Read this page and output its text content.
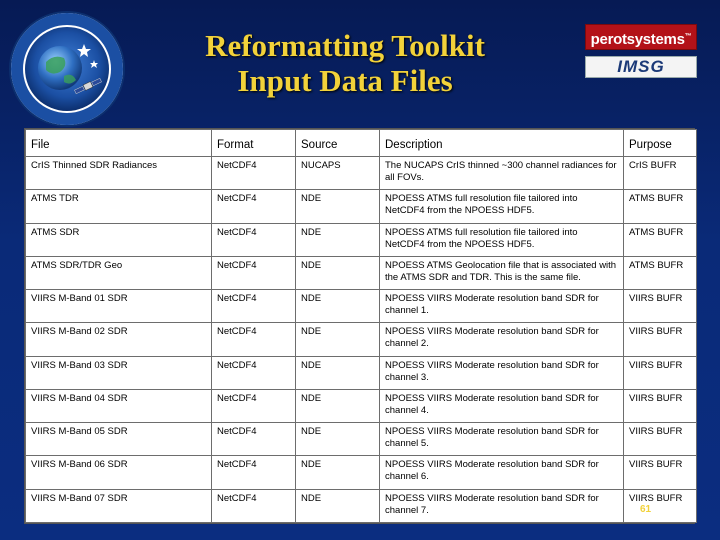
Reformatting Toolkit
Input Data Files
perotsystems™
IMSG
File	Format	Source	Description	Purpose
CrIS Thinned SDR Radiances	NetCDF4	NUCAPS	The NUCAPS CrIS thinned ~300 channel radiances for all FOVs.	CrIS BUFR
ATMS TDR	NetCDF4	NDE	NPOESS ATMS full resolution file tailored into NetCDF4 from the NPOESS HDF5.	ATMS BUFR
ATMS SDR	NetCDF4	NDE	NPOESS ATMS full resolution file tailored into NetCDF4 from the NPOESS HDF5.	ATMS BUFR
ATMS SDR/TDR Geo	NetCDF4	NDE	NPOESS ATMS Geolocation file that is associated with the ATMS SDR and TDR. This is the same file.	ATMS BUFR
VIIRS M-Band 01 SDR	NetCDF4	NDE	NPOESS VIIRS Moderate resolution band SDR for channel 1.	VIIRS BUFR
VIIRS M-Band 02 SDR	NetCDF4	NDE	NPOESS VIIRS Moderate resolution band SDR for channel 2.	VIIRS BUFR
VIIRS M-Band 03 SDR	NetCDF4	NDE	NPOESS VIIRS Moderate resolution band SDR for channel 3.	VIIRS BUFR
VIIRS M-Band 04 SDR	NetCDF4	NDE	NPOESS VIIRS Moderate resolution band SDR for channel 4.	VIIRS BUFR
VIIRS M-Band 05 SDR	NetCDF4	NDE	NPOESS VIIRS Moderate resolution band SDR for channel 5.	VIIRS BUFR
VIIRS M-Band 06 SDR	NetCDF4	NDE	NPOESS VIIRS Moderate resolution band SDR for channel 6.	VIIRS BUFR
VIIRS M-Band 07 SDR	NetCDF4	NDE	NPOESS VIIRS Moderate resolution band SDR for channel 7.	VIIRS BUFR
61
